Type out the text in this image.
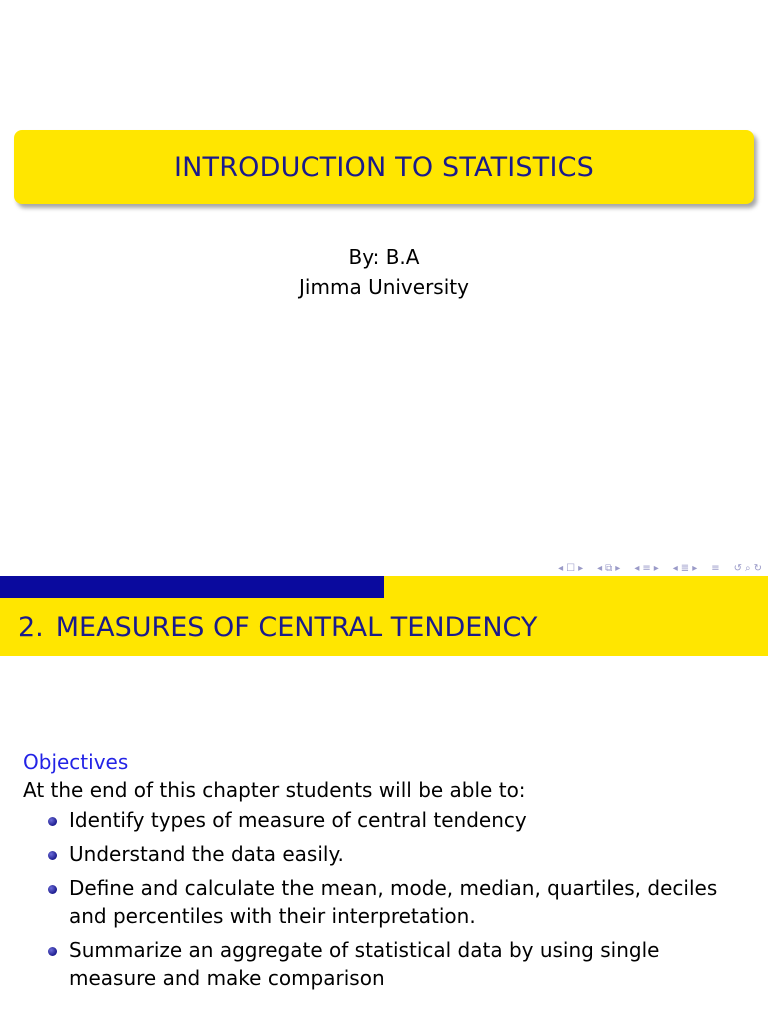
INTRODUCTION TO STATISTICS
By: B.A
Jimma University
◂ ☐ ▸ ◂ ⧉ ▸ ◂ ≡ ▸ ◂ ≣ ▸ ≡ ↺ ⌕ ↻
2. MEASURES OF CENTRAL TENDENCY
Objectives
At the end of this chapter students will be able to:
Identify types of measure of central tendency
Understand the data easily.
Define and calculate the mean, mode, median, quartiles, deciles and percentiles with their interpretation.
Summarize an aggregate of statistical data by using single measure and make comparison
